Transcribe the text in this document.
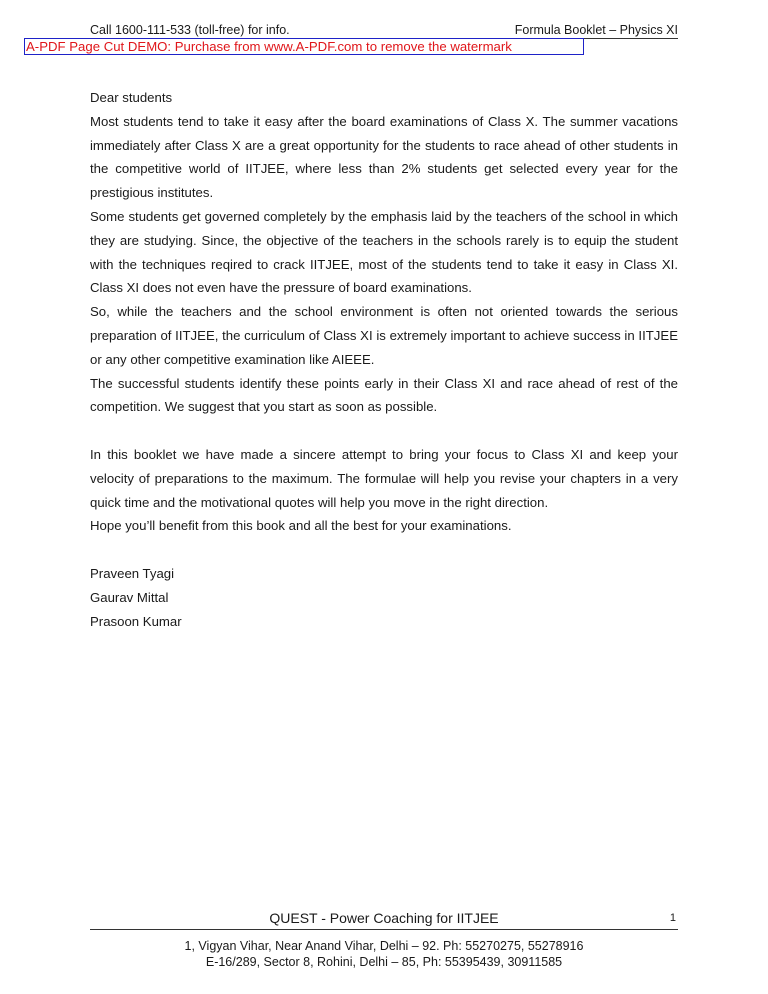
Call 1600-111-533 (toll-free) for info.	Formula Booklet – Physics XI
A-PDF Page Cut DEMO: Purchase from www.A-PDF.com to remove the watermark

Dear students

Most students tend to take it easy after the board examinations of Class X. The summer vacations immediately after Class X are a great opportunity for the students to race ahead of other students in the competitive world of IITJEE, where less than 2% students get selected every year for the prestigious institutes.

Some students get governed completely by the emphasis laid by the teachers of the school in which they are studying. Since, the objective of the teachers in the schools rarely is to equip the student with the techniques reqired to crack IITJEE, most of the students tend to take it easy in Class XI. Class XI does not even have the pressure of board examinations.

So, while the teachers and the school environment is often not oriented towards the serious preparation of IITJEE, the curriculum of Class XI is extremely important to achieve success in IITJEE or any other competitive examination like AIEEE.

The successful students identify these points early in their Class XI and race ahead of rest of the competition. We suggest that you start as soon as possible.

In this booklet we have made a sincere attempt to bring your focus to Class XI and keep your velocity of preparations to the maximum. The formulae will help you revise your chapters in a very quick time and the motivational quotes will help you move in the right direction.

Hope you’ll benefit from this book and all the best for your examinations.

Praveen Tyagi

Gaurav Mittal

Prasoon Kumar

QUEST - Power Coaching for IITJEE	1
1, Vigyan Vihar, Near Anand Vihar, Delhi – 92. Ph: 55270275, 55278916
E-16/289, Sector 8, Rohini, Delhi – 85, Ph: 55395439, 30911585
